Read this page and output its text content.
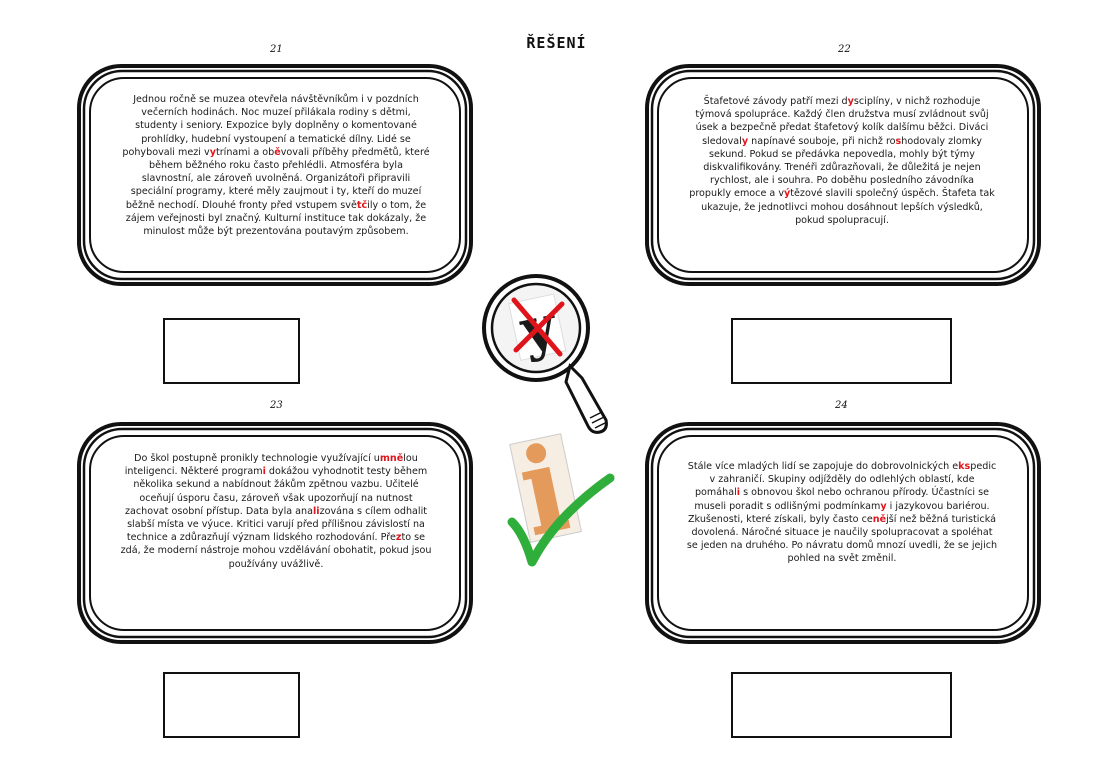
ŘEŠENÍ
21
Jednou ročně se muzea otevřela návštěvníkům i v pozdních večerních hodinách. Noc muzeí přilákala rodiny s dětmi, studenty i seniory. Expozice byly doplněny o komentované prohlídky, hudební vystoupení a tematické dílny. Lidé se pohybovali mezi vytrínami a oběvovali příběhy předmětů, které během běžného roku často přehlédli. Atmosféra byla slavnostní, ale zároveň uvolněná. Organizátoři připravili speciální programy, které měly zaujmout i ty, kteří do muzeí běžně nechodí. Dlouhé fronty před vstupem světčily o tom, že zájem veřejnosti byl značný. Kulturní instituce tak dokázaly, že minulost může být prezentována poutavým způsobem.
22
Štafetové závody patří mezi dysciplíny, v nichž rozhoduje týmová spolupráce. Každý člen družstva musí zvládnout svůj úsek a bezpečně předat štafetový kolík dalšímu běžci. Diváci sledovaly napínavé souboje, při nichž roshodovaly zlomky sekund. Pokud se předávka nepovedla, mohly být týmy diskvalifikovány. Trenéři zdůrazňovali, že důležitá je nejen rychlost, ale i souhra. Po doběhu posledního závodníka propukly emoce a výtězové slavili společný úspěch. Štafeta tak ukazuje, že jednotlivci mohou dosáhnout lepších výsledků, pokud spolupracují.
23
Do škol postupně pronikly technologie využívající umnělou inteligenci. Některé programi dokážou vyhodnotit testy během několika sekund a nabídnout žákům zpětnou vazbu. Učitelé oceňují úsporu času, zároveň však upozorňují na nutnost zachovat osobní přístup. Data byla analizována s cílem odhalit slabší místa ve výuce. Kritici varují před přílišnou závislostí na technice a zdůrazňují význam lidského rozhodování. Přezto se zdá, že moderní nástroje mohou vzdělávání obohatit, pokud jsou používány uvážlivě.
24
Stále více mladých lidí se zapojuje do dobrovolnických ekspedic v zahraničí. Skupiny odjížděly do odlehlých oblastí, kde pomáhali s obnovou škol nebo ochranou přírody. Účastníci se museli poradit s odlišnými podmínkamy i jazykovou bariérou. Zkušenosti, které získali, byly často cenější než běžná turistická dovolená. Náročné situace je naučily spolupracovat a spoléhat se jeden na druhého. Po návratu domů mnozí uvedli, že se jejich pohled na svět změnil.
i
